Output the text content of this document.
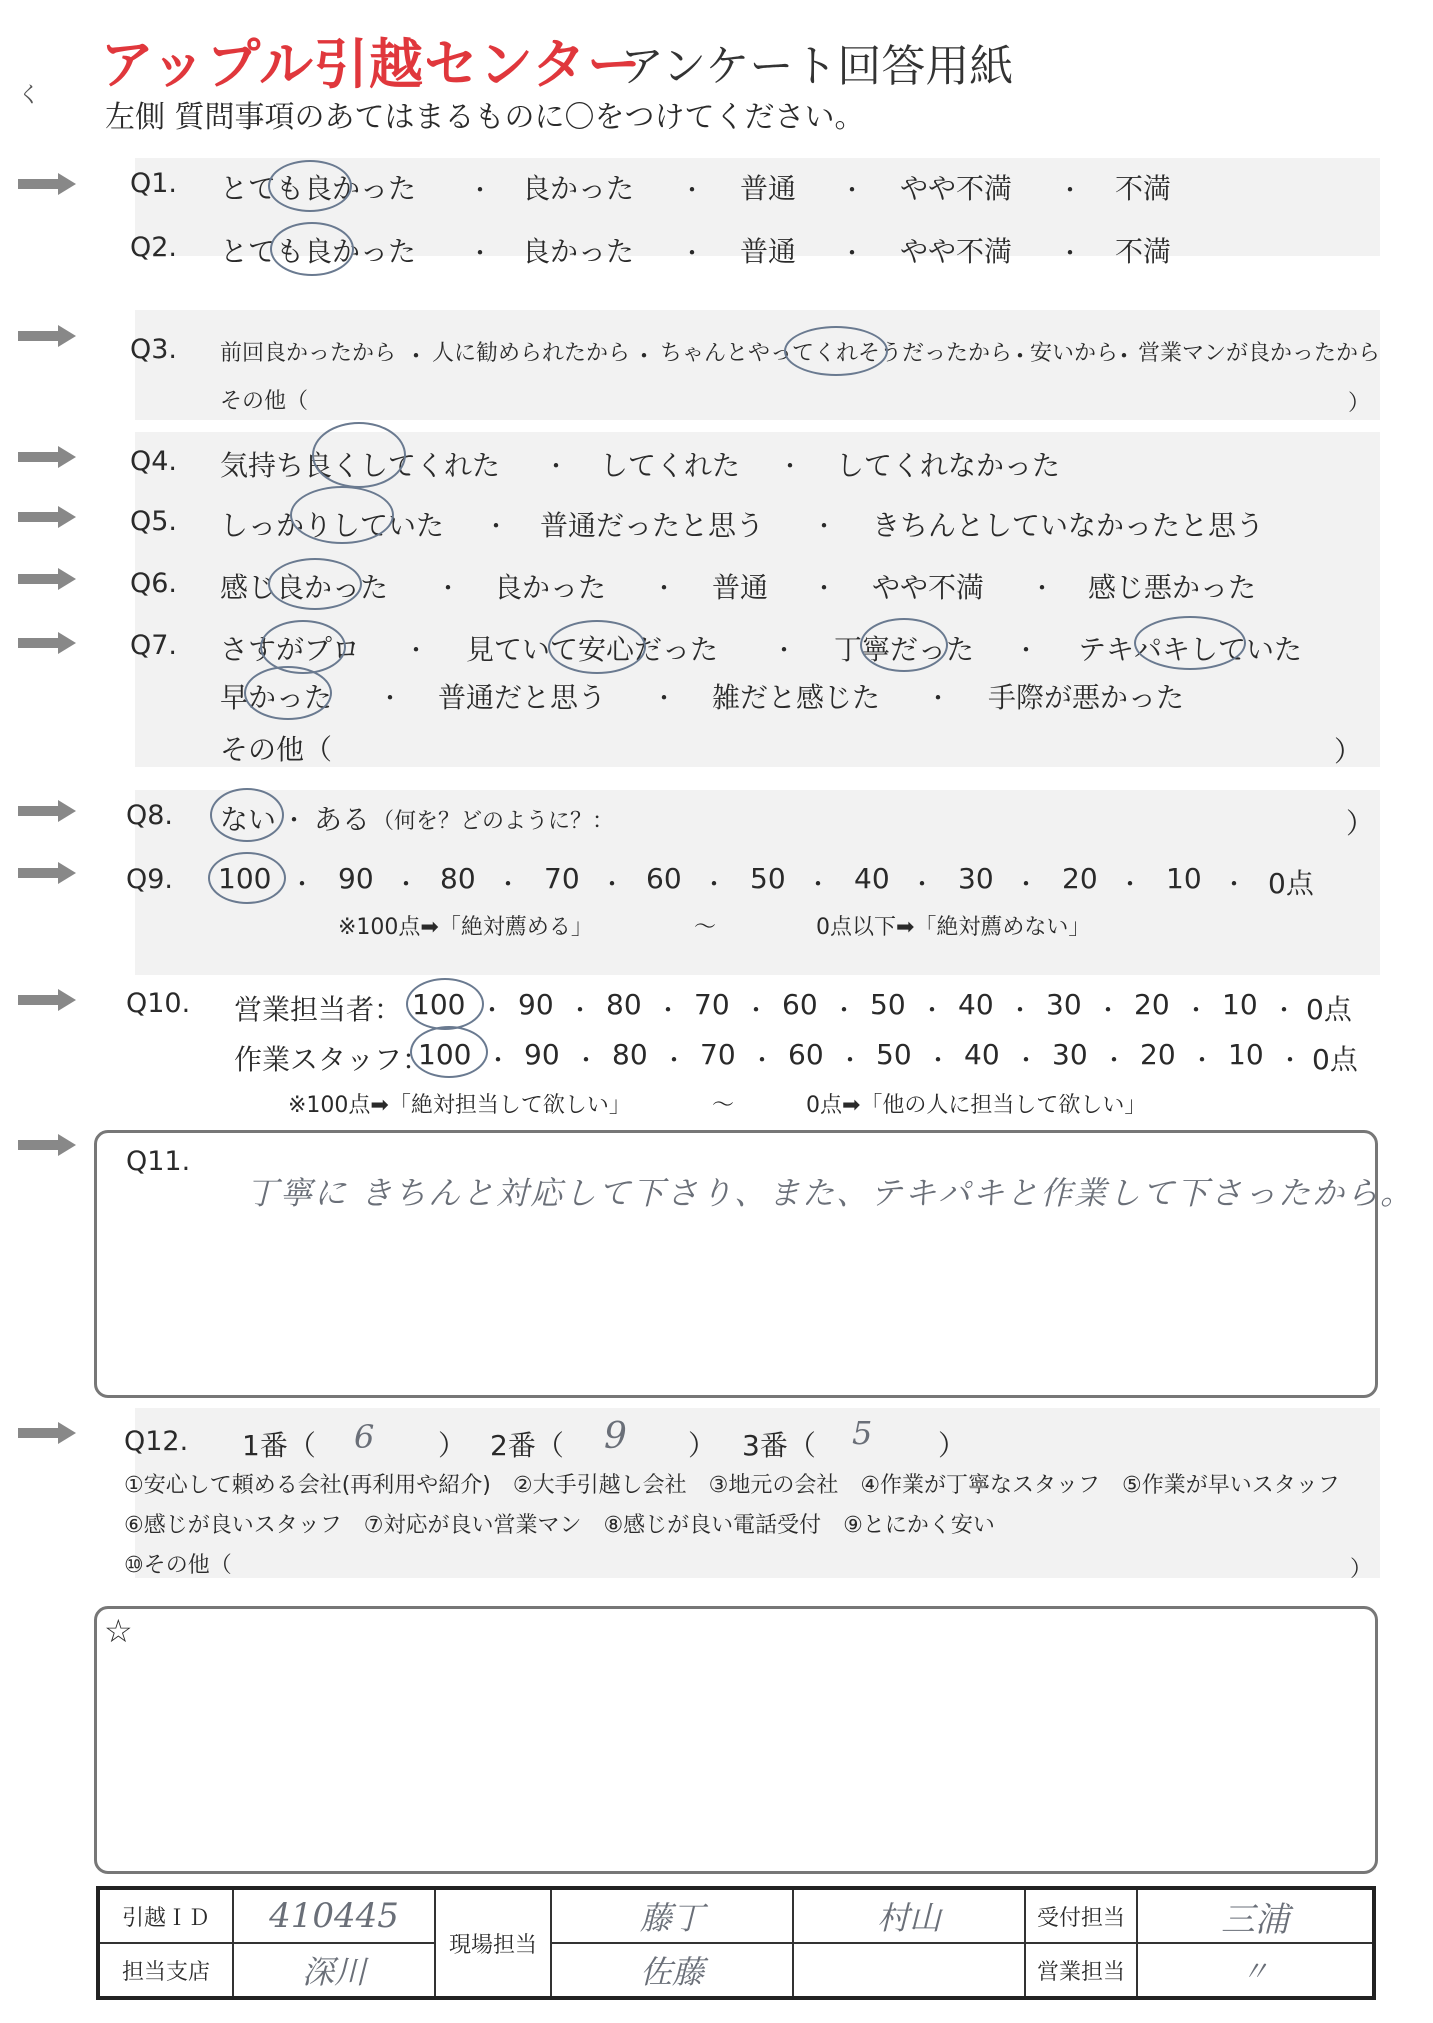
アップル引越センター
アンケート回答用紙
左側 質問事項のあてはまるものに〇をつけてください。
く
Q1. とても良かった ・ 良かった ・ 普通 ・ やや不満 ・ 不満
Q2. とても良かった ・ 良かった ・ 普通 ・ やや不満 ・ 不満
Q3. 前回良かったから ・ 人に勧められたから ・ ちゃんとやってくれそうだったから
・
安いから
・ 営業マンが良かったから
その他（	）
Q4. 気持ち良くしてくれた ・ してくれた ・ してくれなかった
Q5. しっかりしていた ・ 普通だったと思う ・ きちんとしていなかったと思う
Q6. 感じ良かった ・ 良かった ・ 普通 ・ やや不満 ・ 感じ悪かった
Q7. さすがプロ ・ 見ていて安心だった ・ 丁寧だった ・ テキパキしていた
早かった ・ 普通だと思う ・ 雑だと感じた ・ 手際が悪かった
その他（	）
Q8. ない ・ ある （何を？どのように？：	）
Q9. 100 ・ 90 ・ 80 ・ 70 ・ 60 ・ 50 ・ 40 ・ 30 ・ 20 ・ 10 ・ 0点
※100点➡「絶対薦める」	〜	0点以下➡「絶対薦めない」
Q10. 営業担当者： 100 ・ 90 ・ 80 ・ 70 ・ 60 ・ 50 ・ 40 ・ 30 ・ 20 ・ 10 ・ 0点
作業スタッフ：
100 ・ 90 ・ 80 ・ 70 ・ 60 ・ 50 ・ 40 ・ 30 ・ 20 ・ 10 ・ 0点
※100点➡「絶対担当して欲しい」	〜	0点➡「他の人に担当して欲しい」
Q11.
丁寧に きちんと対応して下さり、また、テキパキと作業して下さったから。
Q12. 1番（ 6 ） 2番（ 9 ） 3番（ 5 ）
①安心して頼める会社(再利用や紹介)　②大手引越し会社　③地元の会社　④作業が丁寧なスタッフ　⑤作業が早いスタッフ
⑥感じが良いスタッフ　⑦対応が良い営業マン　⑧感じが良い電話受付　⑨とにかく安い
⑩その他（	）
☆
引越ＩＤ	410445	現場担当	藤丁	村山	受付担当	三浦
担当支店	深川		佐藤		営業担当	〃
